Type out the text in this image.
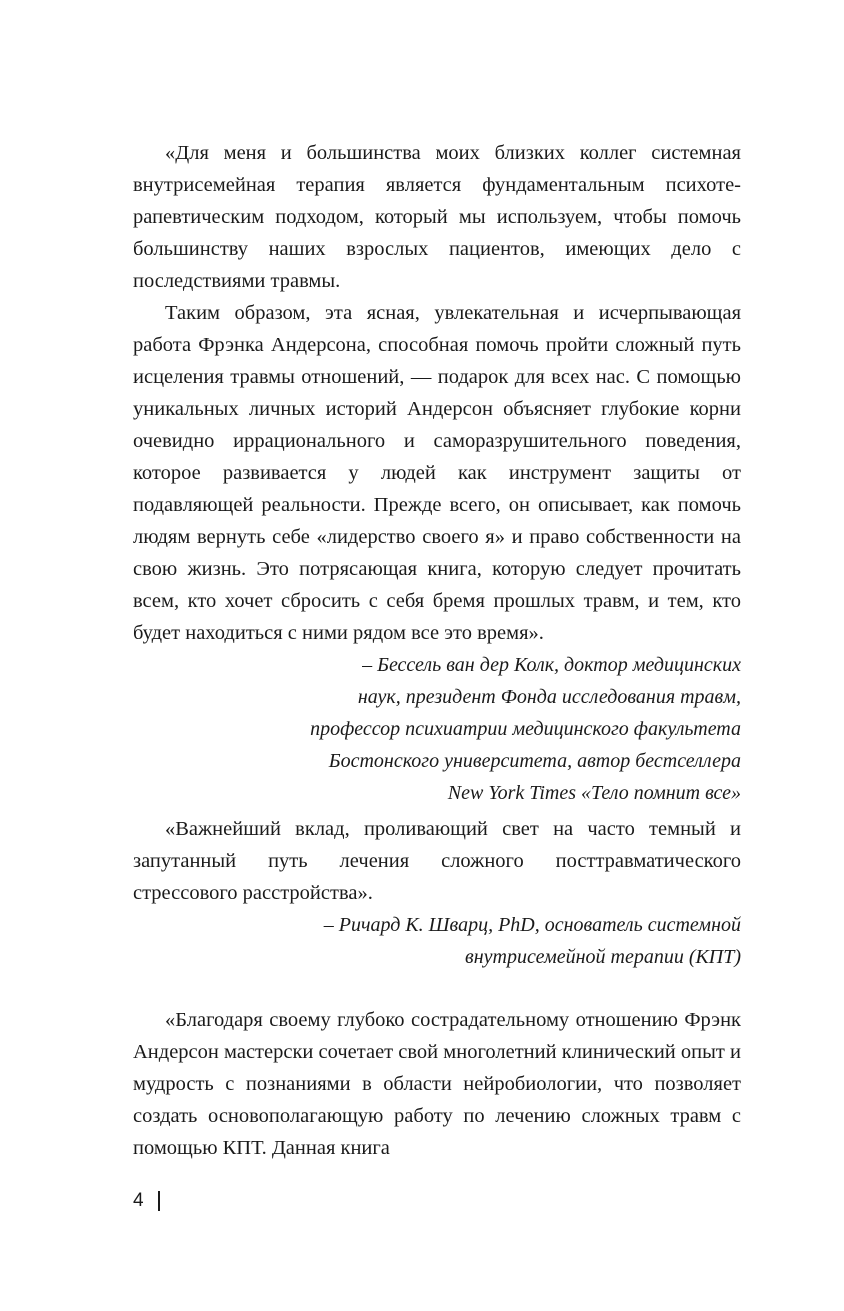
«Для меня и большинства моих близких коллег системная внутрисемейная терапия является фундаментальным психотерапевтическим подходом, который мы используем, чтобы помочь большинству наших взрослых пациентов, имеющих дело с последствиями травмы.

Таким образом, эта ясная, увлекательная и исчерпывающая работа Фрэнка Андерсона, способная помочь пройти сложный путь исцеления травмы отношений, — подарок для всех нас. С помощью уникальных личных историй Андерсон объясняет глубокие корни очевидно иррационального и саморазрушительного поведения, которое развивается у людей как инструмент защиты от подавляющей реальности. Прежде всего, он описывает, как помочь людям вернуть себе «лидерство своего я» и право собственности на свою жизнь. Это потрясающая книга, которую следует прочитать всем, кто хочет сбросить с себя бремя прошлых травм, и тем, кто будет находиться с ними рядом все это время».

– Бессель ван дер Колк, доктор медицинских
наук, президент Фонда исследования травм,
профессор психиатрии медицинского факультета
Бостонского университета, автор бестселлера
New York Times «Тело помнит все»

«Важнейший вклад, проливающий свет на часто темный и запутанный путь лечения сложного посттравматического стрессового расстройства».

– Ричард К. Шварц, PhD, основатель системной
внутрисемейной терапии (КПТ)

«Благодаря своему глубоко сострадательному отношению Фрэнк Андерсон мастерски сочетает свой многолетний клинический опыт и мудрость с познаниями в области нейробиологии, что позволяет создать основополагающую работу по лечению сложных травм с помощью КПТ. Данная книга

4
